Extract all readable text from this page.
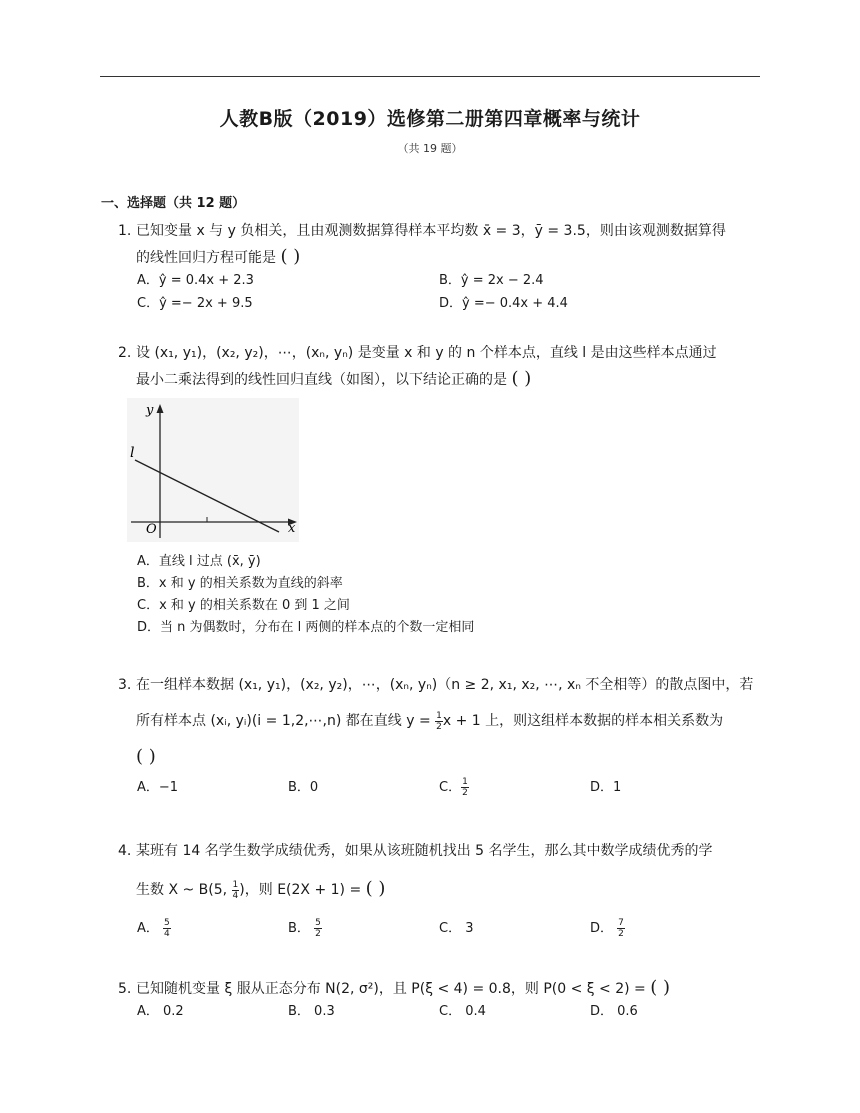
人教B版（2019）选修第二册第四章概率与统计
（共 19 题）
一、选择题（共 12 题）
1. 已知变量 x 与 y 负相关，且由观测数据算得样本平均数 x̄ = 3，ȳ = 3.5，则由该观测数据算得
的线性回归方程可能是 ( )
A．ŷ = 0.4x + 2.3	B．ŷ = 2x − 2.4
C．ŷ =− 2x + 9.5	D．ŷ =− 0.4x + 4.4
2. 设 (x₁, y₁)，(x₂, y₂)，⋯，(xₙ, yₙ) 是变量 x 和 y 的 n 个样本点，直线 l 是由这些样本点通过
最小二乘法得到的线性回归直线（如图），以下结论正确的是 ( )
y
x
O
l
A．直线 l 过点 (x̄, ȳ)
B．x 和 y 的相关系数为直线的斜率
C．x 和 y 的相关系数在 0 到 1 之间
D．当 n 为偶数时，分布在 l 两侧的样本点的个数一定相同
3. 在一组样本数据 (x₁, y₁)，(x₂, y₂)，⋯，(xₙ, yₙ)（n ≥ 2, x₁, x₂, ⋯, xₙ 不全相等）的散点图中，若
所有样本点 (xᵢ, yᵢ)(i = 1,2,⋯,n) 都在直线 $y = \frac{1}{2}$ x + 1 上，则这组样本数据的样本相关系数为
( )
A．−1	B．0	C． $\frac{1}{2}$	D．1
4. 某班有 14 名学生数学成绩优秀，如果从该班随机找出 5 名学生，那么其中数学成绩优秀的学
生数 X ~ B(5, $\frac{1}{4}$ )，则 E(2X + 1) = ( )
A． $\frac{5}{4}$	B． $\frac{5}{2}$	C． 3	D． $\frac{7}{2}$
5. 已知随机变量 ξ 服从正态分布 N(2, σ²)，且 P(ξ < 4) = 0.8，则 P(0 < ξ < 2) = ( )
A． 0.2	B． 0.3	C． 0.4	D． 0.6
